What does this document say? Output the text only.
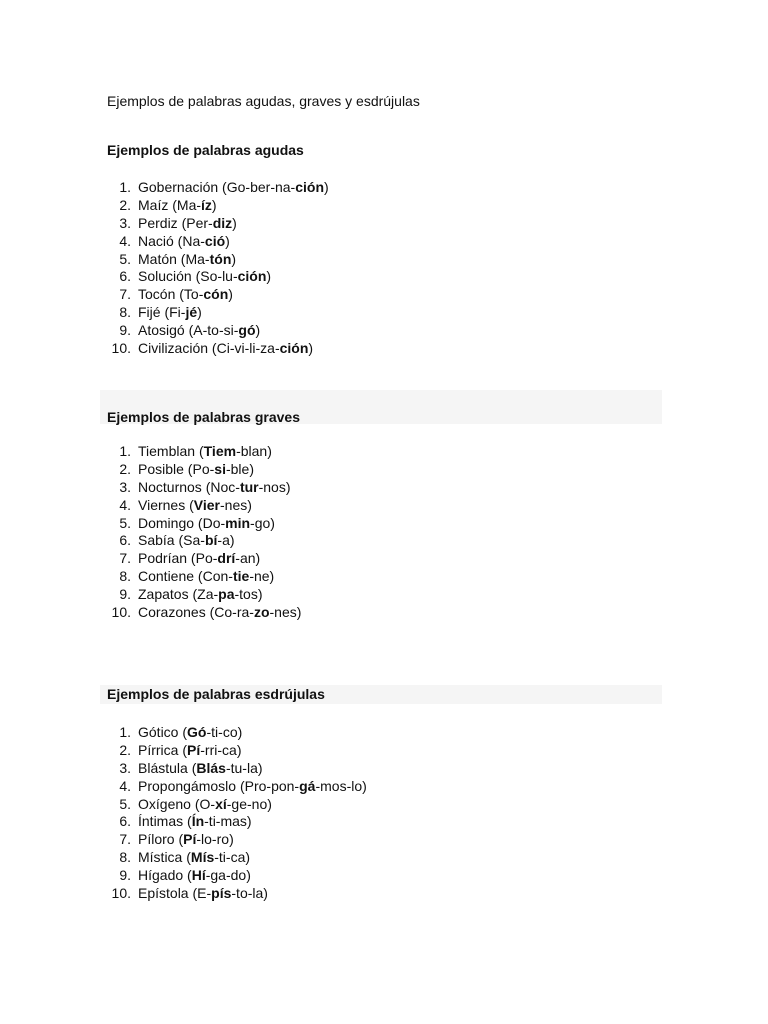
Ejemplos de palabras agudas, graves y esdrújulas
Ejemplos de palabras agudas
1. Gobernación (Go-ber-na-ción)
2. Maíz (Ma-íz)
3. Perdiz (Per-diz)
4. Nació (Na-ció)
5. Matón (Ma-tón)
6. Solución (So-lu-ción)
7. Tocón (To-cón)
8. Fijé (Fi-jé)
9. Atosigó (A-to-si-gó)
10. Civilización (Ci-vi-li-za-ción)
Ejemplos de palabras graves
1. Tiemblan (Tiem-blan)
2. Posible (Po-si-ble)
3. Nocturnos (Noc-tur-nos)
4. Viernes (Vier-nes)
5. Domingo (Do-min-go)
6. Sabía (Sa-bí-a)
7. Podrían (Po-drí-an)
8. Contiene (Con-tie-ne)
9. Zapatos (Za-pa-tos)
10. Corazones (Co-ra-zo-nes)
Ejemplos de palabras esdrújulas
1. Gótico (Gó-ti-co)
2. Pírrica (Pí-rri-ca)
3. Blástula (Blás-tu-la)
4. Propongámoslo (Pro-pon-gá-mos-lo)
5. Oxígeno (O-xí-ge-no)
6. Íntimas (Ín-ti-mas)
7. Píloro (Pí-lo-ro)
8. Mística (Mís-ti-ca)
9. Hígado (Hí-ga-do)
10. Epístola (E-pís-to-la)
